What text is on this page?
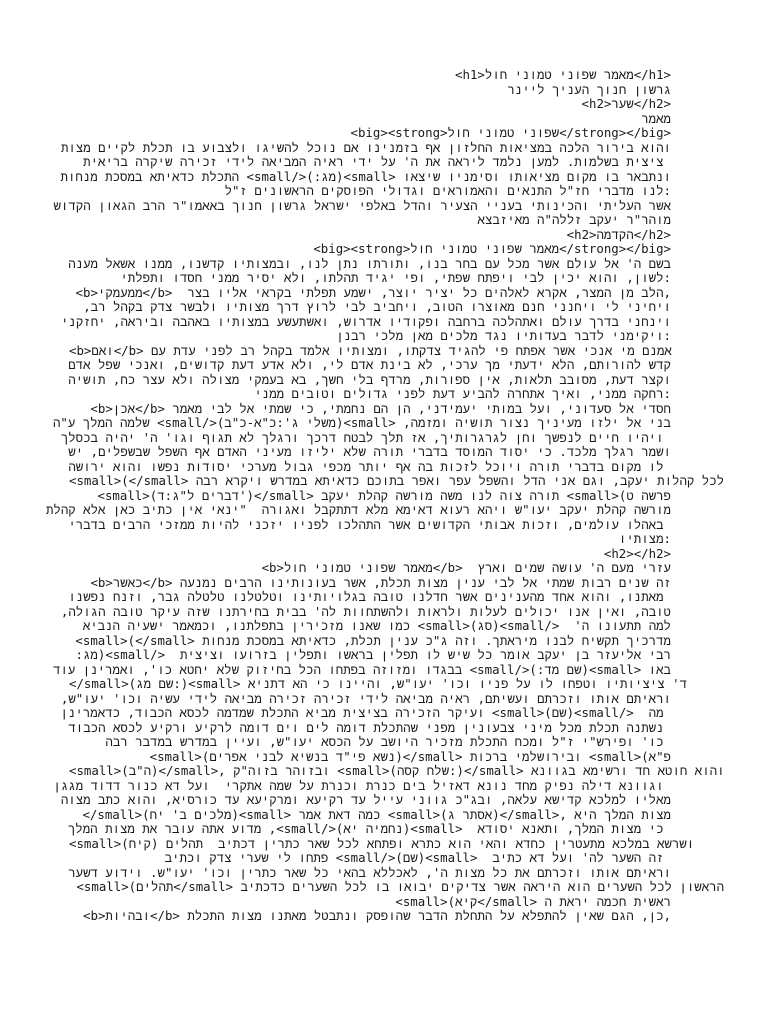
<h1>מאמר שפוני טמוני חול</h1>
גרשון חנוך העניך ליינר
<h2>שער</h2>
מאמר
<big><strong>שפוני טמוני חול</strong></big>
והוא בירור הלכה במציאות החלזון אף בזמנינו אם נוכל להשיגו ולצבוע בו תכלת לקיים מצות
ציצית בשלמות. למען נלמד ליראה את ה' על ידי ראיה המביאה לידי זכירה שיקרה בריאית
ונתבאר בו מקום מציאותו וסימניו שיצאו <small>(מג:)</small> התכלת כדאיתא במסכת מנחות
:לנו מדברי חז"ל התנאים והאמוראים וגדולי הפוסקים הראשונים ז"ל
אשר העליתי והכינותי בעניי הצעיר והדל באלפי ישראל גרשון חנוך באאמו"ר הרב הגאון הקדוש
מוהר"ר יעקב זללה"ה מאיזבצא
<h2>הקדמה</h2>
<big><strong>מאמר שפוני טמוני חול</strong></big>
בשם ה' אל עולם אשר מכל עם בחר בנו, ותורתו נתן לנו, ובמצותיו קדשנו, ממנו אשאל מענה
:לשון, והוא יכין לבי ויפתח שפתי, ופי יגיד תהלתו, ולא יסיר ממני חסדו ותפלתי
<b>ממעמקי</b>  הלב מן המצר, אקרא לאלהים כל יציר יוצר, ישמע תפלתי בקראי אליו בצר,
ויחיני לי ויחנני חנם מאוצרו הטוב, ויחביב לבי לרוץ דרך מצותיו ולבשר צדק בקהל רב,
וינחני בדרך עולם ואתהלכה ברחבה ופקודיו אדרוש, ואשתעשע במצותיו באהבה וביראה, יחזקני
:ויקימני לדבר בעדותיו נגד מלכים מאן מלכי רבנן
<b>ואם</b> אמנם מי אנכי אשר אפתח פי להגיד צדקתו, ומצותיו אלמד בקהל רב לפני עדת עם
קדש להורותם, הלא ידעתי מך ערכי, לא בינת אדם לי, ולא אדע דעת קדושים, ואנכי שפל אדם
וקצר דעת, מסובב תלאות, אין ספורות, מרדף בלי חשך, בא בעמקי מצולה ולא עצר כח, תושיה
:רחקה ממני, ואיך אתחרה להביע דעת לפני גדולים וטובים ממני
<b>אכן</b> חסדי אל סעדוני, ועל במותי יעמידני, הן הם נחמתי, כי שמתי אל לבי מאמר
בני אל ילזו מעיניך נצור תושיה ומזמה, <small>(משלי ג':כ"א-כ"ב)</small> שלמה המלך ע"ה
ויהיו חיים לנפשך וחן לגרגרותיך, אז תלך לבטח דרכך ורגלך לא תגוף וגו' ה' יהיה בכסלך
ושמר רגלך מלכד. כי יסוד המוסד בדברי תורה שלא יליזו מעיני האדם אף השפל שבשפלים, יש
לו מקום בדברי תורה ויוכל לזכות בה אף יותר מכפי גבול מערכי יסודות נפשו והוא ירושה
<small>(</small> לכל קהלות יעקב, וגם אני הדל והשפל עפר ואפר בתוכם כדאיתא במדרש ויקרא רבה
<small>(דברים ל"ג:ד')</small> תורה צוה לנו משה מורשה קהלת יעקב <small>(פרשה ט
מורשה קהלת יעקב יעו"ש ויהא רעוא דאימא מלא דתתקבל ואגורה  "ינאי אין כתיב כאן אלא קהלת
באהלו עולמים, וזכות אבותי הקדושים אשר התהלכו לפניו יזכני להיות ממזכי הרבים בדברי
:מצותיו
<h2></h2>
<b>מאמר שפוני טמוני חול</b>  עזרי מעם ה' עושה שמים וארץ
<b>כאשר</b> זה שנים רבות שמתי אל לבי ענין מצות תכלת, אשר בעונותינו הרבים נמנעה
מאתנו, והוא אחד מהענינים אשר חדלנו טובה בגלויותינו וטלטלנו טלטלה גבר, וזנח נפשנו
טובה, ואין אנו יכולים לעלות ולראות ולהשתחוות לה' בבית בחירתנו שזה עיקר טובה הגולה,
למה תתעונו ה'  </small>(סג)<small> כמו שאנו מזכירין בתפלתנו, וכמאמר ישעיה הנביא
<small>(</small> מדרכיך תקשיח לבנו מיראתך. וזה ג"כ ענין תכלת, כדאיתא במסכת מנחות
רבי אליעזר בן יעקב אומר כל שיש לו תפלין בראשו ותפלין בזרועו וציצית  </small>(מג:
באו <small>(שם מד:)</small> בבגדו ומזוזה בפתחו הכל בחיזוק שלא יחטא כו', ואמרינן עוד
</small>(שם מג:)<small> ד' ציציותיו וטפחו לו על פניו וכו' יעו"ש, והיינו כי הא דתניא
וראיתם אותו וזכרתם ועשיתם, ראיה מביאה לידי זכירה זכירה מביאה לידי עשיה וכו' יעו"ש,
מה  </small>(שם)<small> ועיקר הזכירה בציצית מביא התכלת שמדמה לכסא הכבוד, כדאמרינן
נשתנה תכלת מכל מיני צבעונין מפני שהתכלת דומה לים וים דומה לרקיע ורקיע לכסא הכבוד
כו' ופירש"י ז"ל ומכח התכלת מזכיר היושב על הכסא יעו"ש, ועיין במדרש במדבר רבה
<small>(נשא פי"ד בנשיא לבני אפרים)</small> ובירושלמי ברכות <small>(פ"א
<small>(ה"ב)</small>, ובזוהר בזוה"ק <small>(שלח קסה:)</small> והוא חוטא חד ורשימא בגוונא
וגוונא דילה נפיק מחד נונא דאזיל בים כנרת וכנרת על שמה אתקרי  ועל דא כנור דדוד מגגן
מאליו למלכא קדישא עלאה, ובג"כ גווני עייל עד רקיעא ומרקיעא עד כורסיא, והוא כתב מצוה
</small>(מלכים ב' יח)<small> כמה דאת אמר <small>(אסתר ג)</small>, מצות המלך היא
כי מצות המלך, ותאנא יסודא  <small>(נחמיה יא)</small>, מדוע אתה עובר את מצות המלך
<small>(קיח) ושרשא במלכא מתעטרין כחדא והאי הוא כתרא ופתחא לכל שאר כתרין דכתיב  תהלים
זה השער לה' ועל דא כתיב  <small>(שם)</small> פתחו לי שערי צדק וכתיב
וראיתם אותו וזכרתם את כל מצות ה', לאכללא בהאי כל שאר כתרין וכו' יעו"ש. וידוע דשער
<small>(תהלים</small> הראשון לכל השערים הוא היראה אשר צדיקים יבואו בו לכל השערים כדכתיב
<small>(קיא</small> ראשית חכמה יראת ה
<b>ובהיות</b> כן, הגם שאין להתפלא על התחלת הדבר שהופסק ונתבטל מאתנו מצות התכלת,
